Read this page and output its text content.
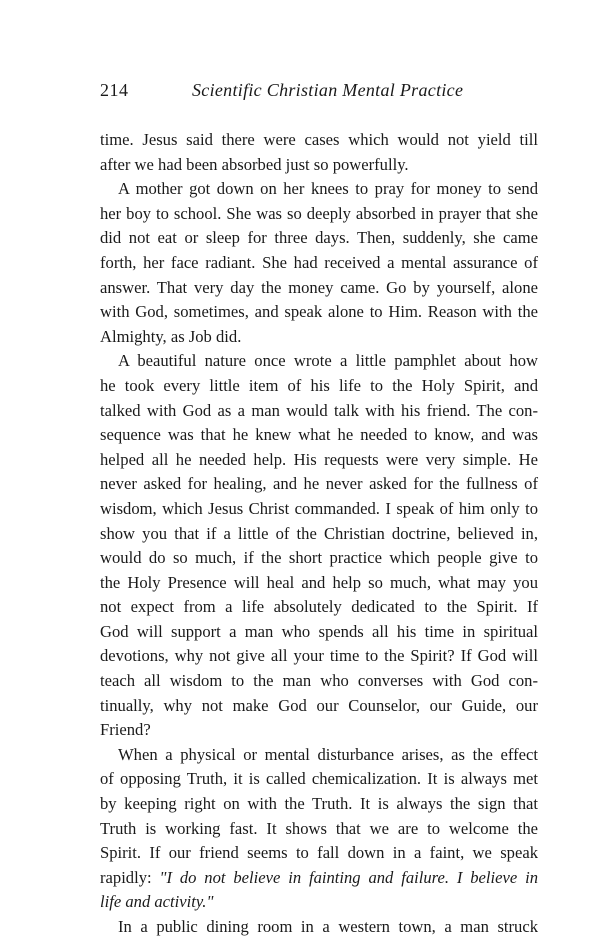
214	Scientific Christian Mental Practice
time. Jesus said there were cases which would not yield till
after we had been absorbed just so powerfully.
A mother got down on her knees to pray for money to send
her boy to school. She was so deeply absorbed in prayer that she
did not eat or sleep for three days. Then, suddenly, she came
forth, her face radiant. She had received a mental assurance of
answer. That very day the money came. Go by yourself, alone
with God, sometimes, and speak alone to Him. Reason with the
Almighty, as Job did.
A beautiful nature once wrote a little pamphlet about how
he took every little item of his life to the Holy Spirit, and
talked with God as a man would talk with his friend. The con-
sequence was that he knew what he needed to know, and was
helped all he needed help. His requests were very simple. He
never asked for healing, and he never asked for the fullness of
wisdom, which Jesus Christ commanded. I speak of him only to
show you that if a little of the Christian doctrine, believed in,
would do so much, if the short practice which people give to
the Holy Presence will heal and help so much, what may you
not expect from a life absolutely dedicated to the Spirit. If
God will support a man who spends all his time in spiritual
devotions, why not give all your time to the Spirit? If God will
teach all wisdom to the man who converses with God con-
tinually, why not make God our Counselor, our Guide, our
Friend?
When a physical or mental disturbance arises, as the effect
of opposing Truth, it is called chemicalization. It is always met
by keeping right on with the Truth. It is always the sign that
Truth is working fast. It shows that we are to welcome the
Spirit. If our friend seems to fall down in a faint, we speak
rapidly: "I do not believe in fainting and failure. I believe in
life and activity."
In a public dining room in a western town, a man struck
